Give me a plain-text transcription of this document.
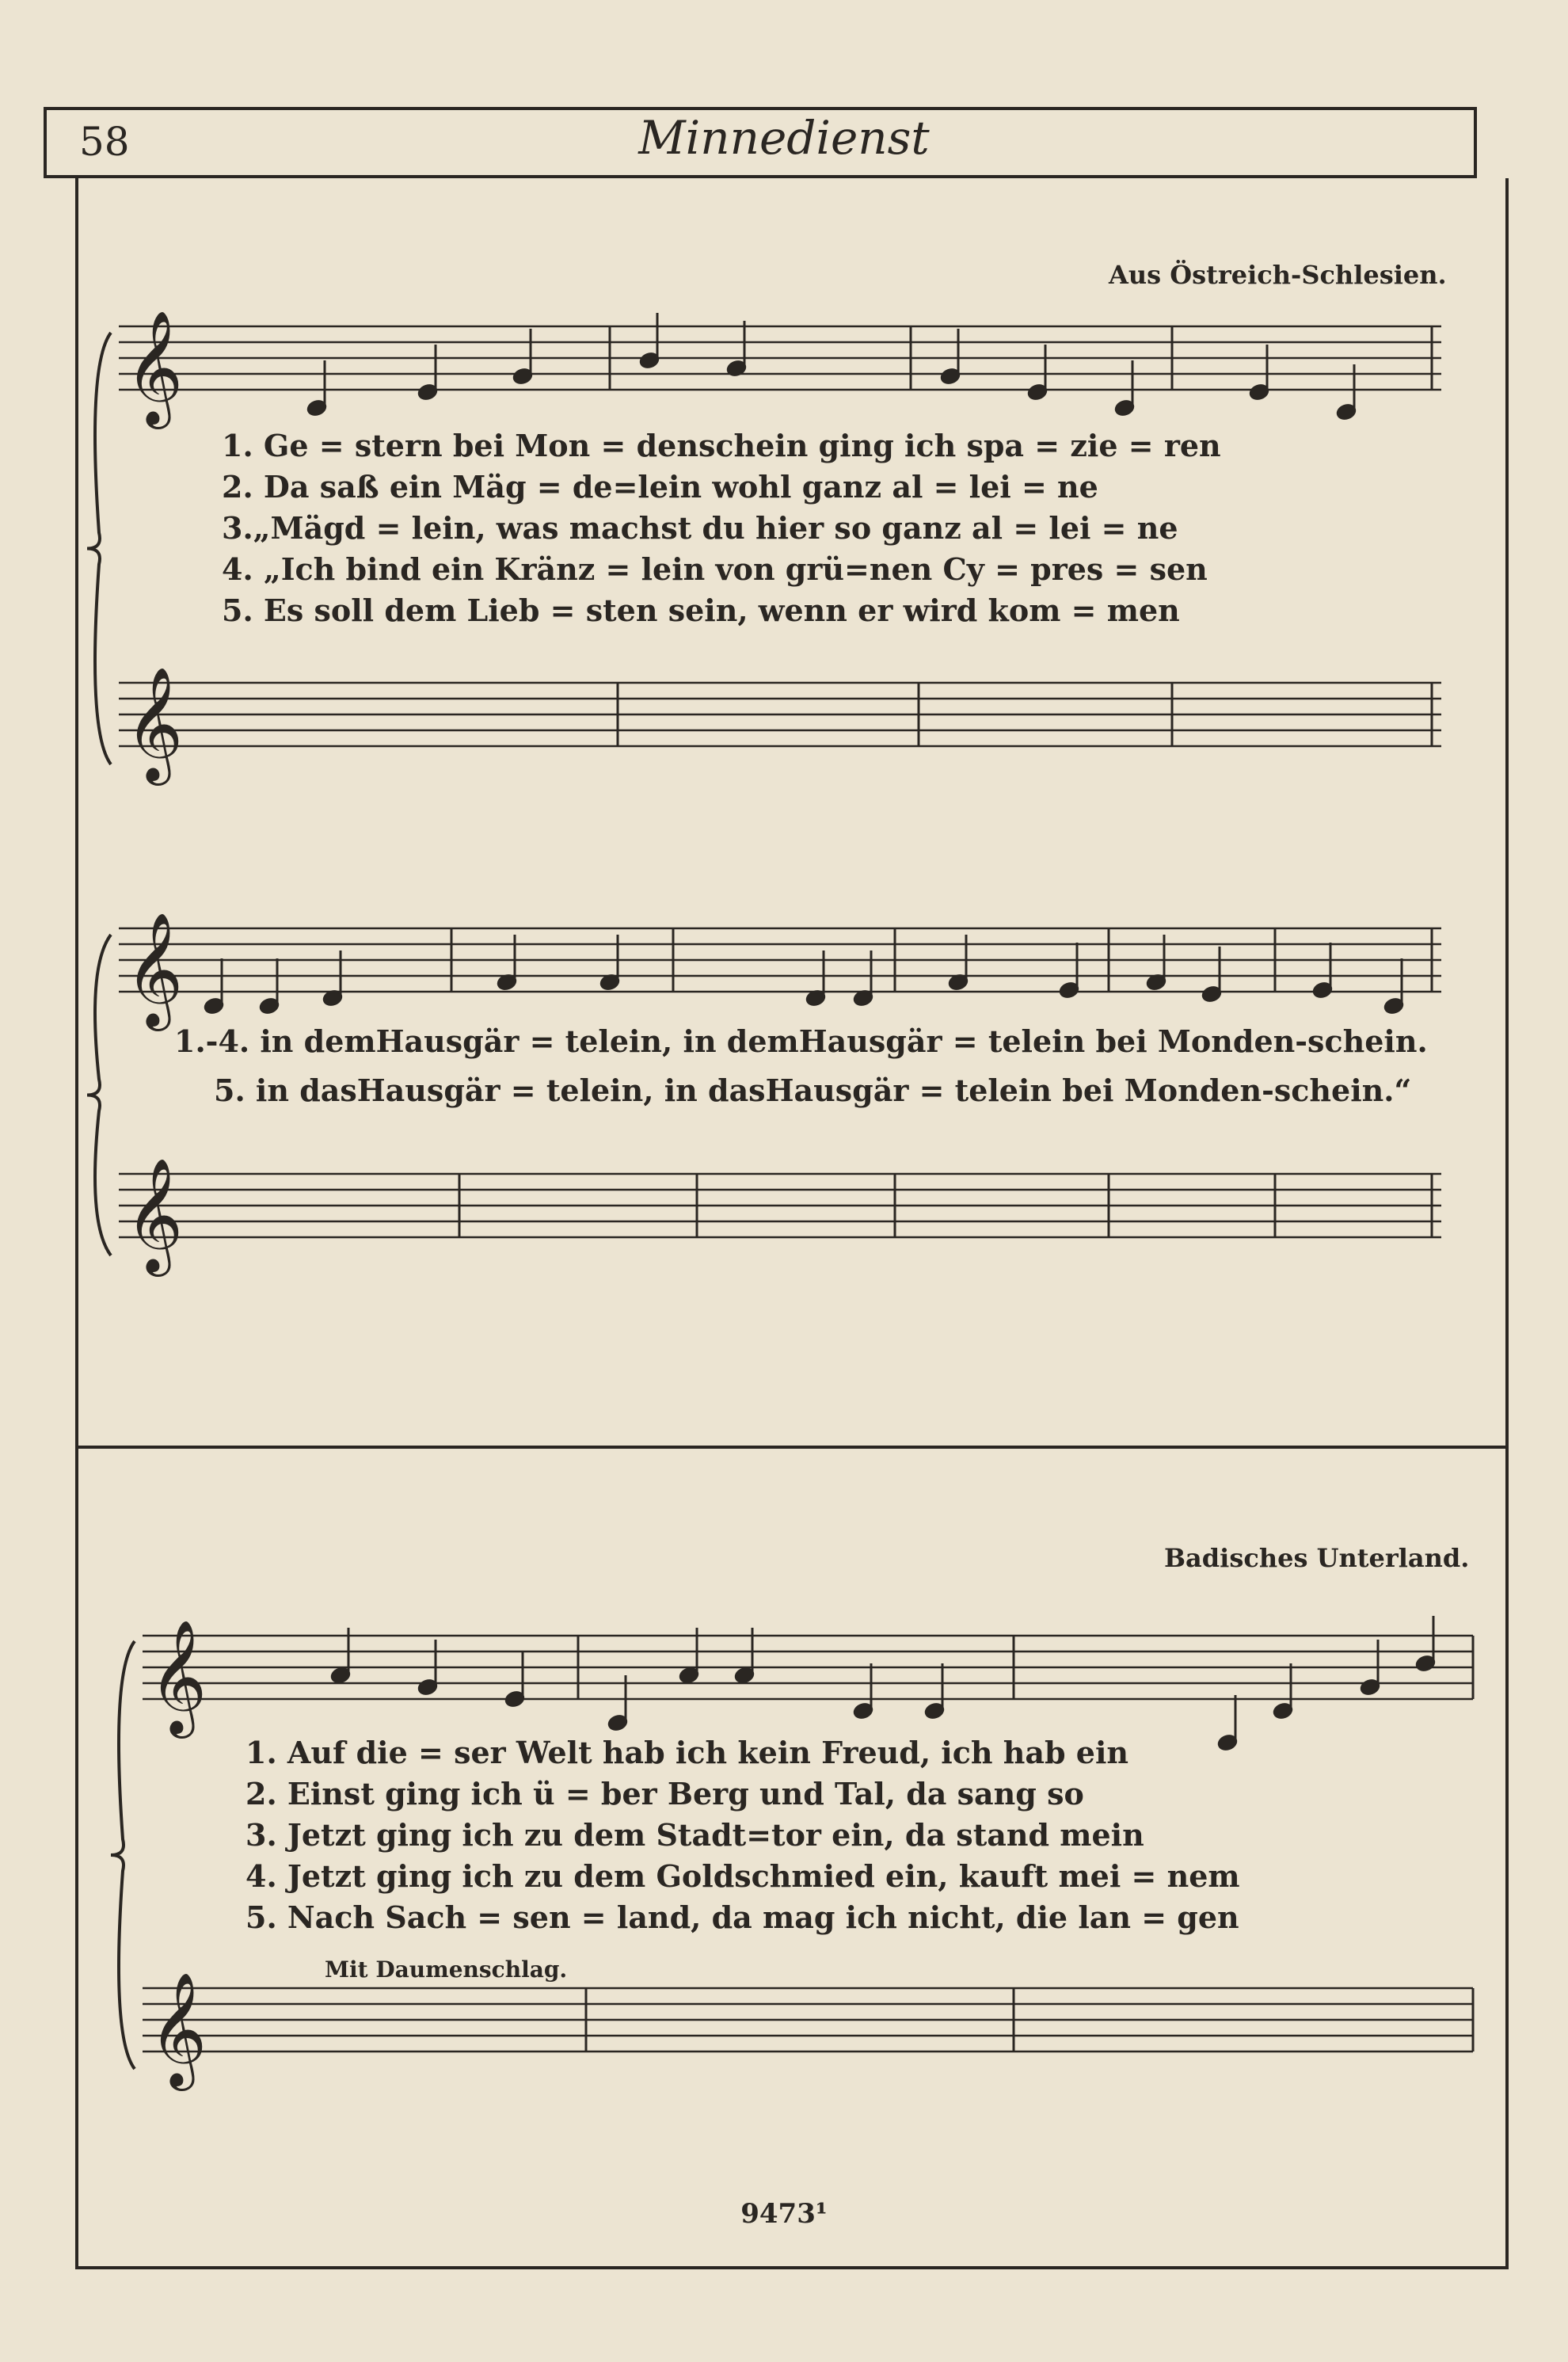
58	Minnedienst
Aus Östreich-Schlesien.
1. Ge = stern bei Mon = denschein ging ich spa = zie = ren
2. Da saß ein Mäg = de=lein wohl ganz al = lei = ne
3.„Mägd = lein, was machst du hier so ganz al = lei = ne
4. „Ich bind ein Kränz = lein von grü=nen Cy = pres = sen
5. Es soll dem Lieb = sten sein, wenn er wird kom = men
1.-4. in demHausgär = telein, in demHausgär = telein bei Monden-schein.
5. in dasHausgär = telein, in dasHausgär = telein bei Monden-schein.“
Badisches Unterland.
1. Auf die = ser Welt hab ich kein Freud, ich hab ein
2. Einst ging ich ü = ber Berg und Tal, da sang so
3. Jetzt ging ich zu dem Stadt=tor ein, da stand mein
4. Jetzt ging ich zu dem Goldschmied ein, kauft mei = nem
5. Nach Sach = sen = land, da mag ich nicht, die lan = gen
Mit Daumenschlag.
9473¹
𝄞
𝄞
𝄞
𝄞
𝄞
𝄞
